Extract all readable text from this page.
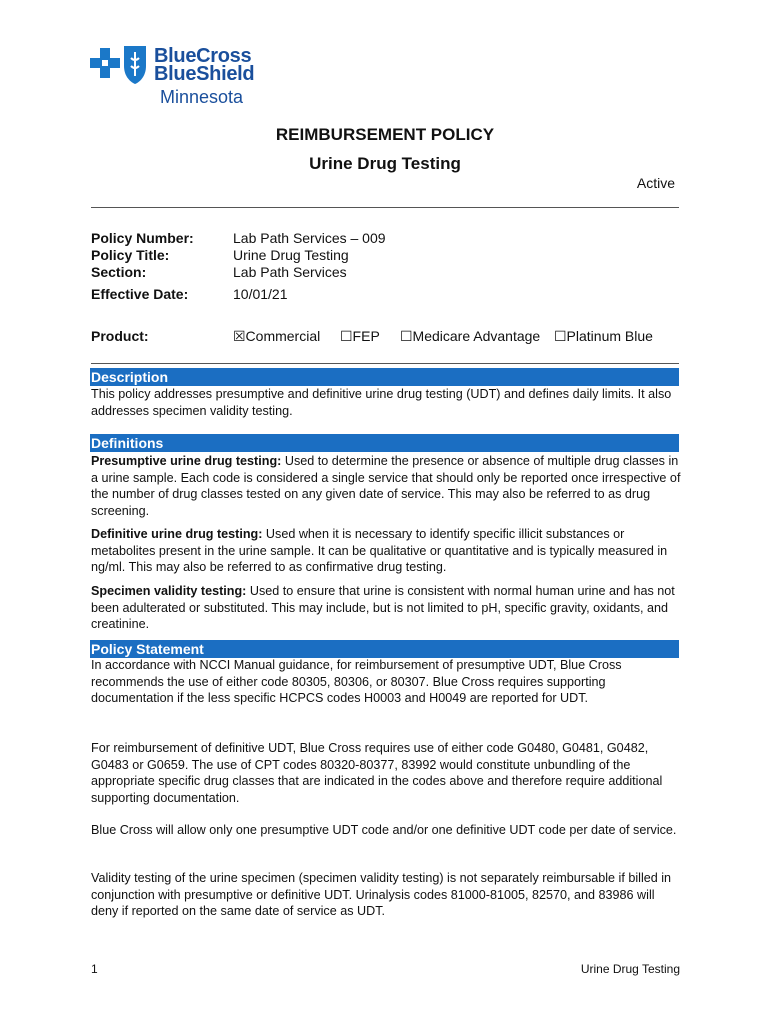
BlueCross
BlueShield
Minnesota
REIMBURSEMENT POLICY
Urine Drug Testing
Active
Policy Number:	Lab Path Services – 009
Policy Title:	Urine Drug Testing
Section:	Lab Path Services
Effective Date:	10/01/21
Product:	☒Commercial ☐FEP ☐Medicare Advantage ☐Platinum Blue
Description
This policy addresses presumptive and definitive urine drug testing (UDT) and defines daily limits. It also addresses specimen validity testing.
Definitions
Presumptive urine drug testing: Used to determine the presence or absence of multiple drug classes in a urine sample. Each code is considered a single service that should only be reported once irrespective of the number of drug classes tested on any given date of service. This may also be referred to as drug screening.
Definitive urine drug testing: Used when it is necessary to identify specific illicit substances or metabolites present in the urine sample. It can be qualitative or quantitative and is typically measured in ng/ml. This may also be referred to as confirmative drug testing.
Specimen validity testing: Used to ensure that urine is consistent with normal human urine and has not been adulterated or substituted. This may include, but is not limited to pH, specific gravity, oxidants, and creatinine.
Policy Statement
In accordance with NCCI Manual guidance, for reimbursement of presumptive UDT, Blue Cross recommends the use of either code 80305, 80306, or 80307. Blue Cross requires supporting documentation if the less specific HCPCS codes H0003 and H0049 are reported for UDT.
For reimbursement of definitive UDT, Blue Cross requires use of either code G0480, G0481, G0482, G0483 or G0659. The use of CPT codes 80320-80377, 83992 would constitute unbundling of the appropriate specific drug classes that are indicated in the codes above and therefore require additional supporting documentation.
Blue Cross will allow only one presumptive UDT code and/or one definitive UDT code per date of service.
Validity testing of the urine specimen (specimen validity testing) is not separately reimbursable if billed in conjunction with presumptive or definitive UDT. Urinalysis codes 81000-81005, 82570, and 83986 will deny if reported on the same date of service as UDT.
1	Urine Drug Testing
